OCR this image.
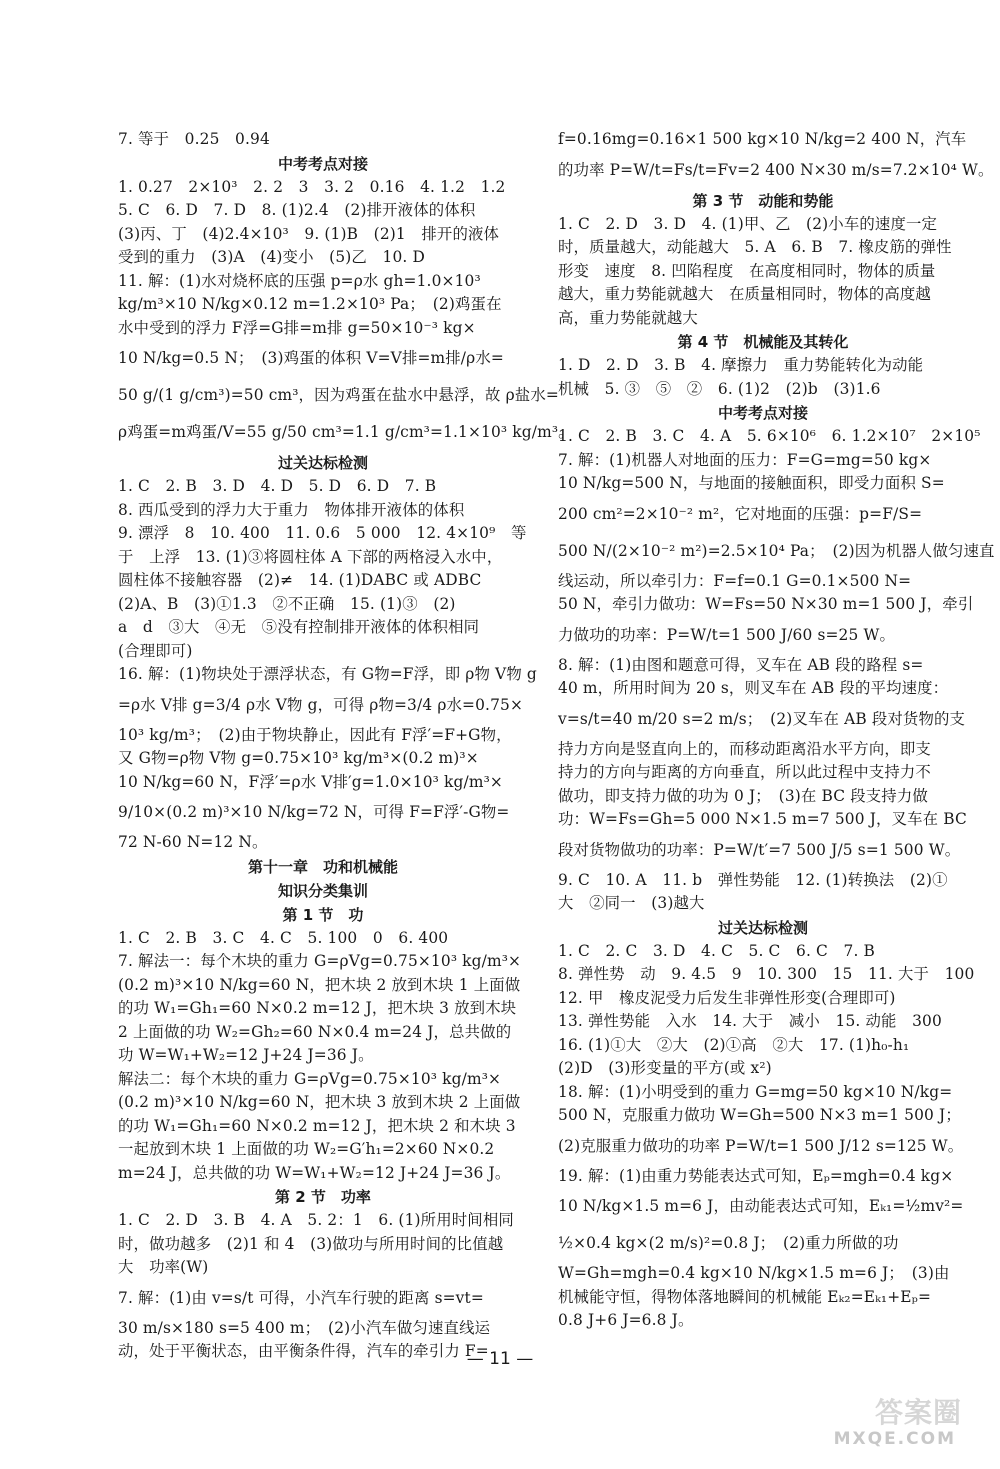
7. 等于　0.25　0.94
中考考点对接
1. 0.27　2×10³　2. 2　3　3. 2　0.16　4. 1.2　1.2
5. C　6. D　7. D　8. (1)2.4　(2)排开液体的体积
(3)丙、丁　(4)2.4×10³　9. (1)B　(2)1　排开的液体
受到的重力　(3)A　(4)变小　(5)乙　10. D
11. 解：(1)水对烧杯底的压强 p=ρ水 gh=1.0×10³
kg/m³×10 N/kg×0.12 m=1.2×10³ Pa；　(2)鸡蛋在
水中受到的浮力 F浮=G排=m排 g=50×10⁻³ kg×
10 N/kg=0.5 N；　(3)鸡蛋的体积 V=V排=m排/ρ水=
50 g/(1 g/cm³)=50 cm³，因为鸡蛋在盐水中悬浮，故 ρ盐水=
ρ鸡蛋=m鸡蛋/V=55 g/50 cm³=1.1 g/cm³=1.1×10³ kg/m³。
过关达标检测
1. C　2. B　3. D　4. D　5. D　6. D　7. B
8. 西瓜受到的浮力大于重力　物体排开液体的体积
9. 漂浮　8　10. 400　11. 0.6　5 000　12. 4×10⁹　等
于　上浮　13. (1)③将圆柱体 A 下部的两格浸入水中，
圆柱体不接触容器　(2)≠　14. (1)DABC 或 ADBC
(2)A、B　(3)①1.3　②不正确　15. (1)③　(2)
a　d　③大　④无　⑤没有控制排开液体的体积相同
(合理即可)
16. 解：(1)物块处于漂浮状态，有 G物=F浮，即 ρ物 V物 g
=ρ水 V排 g=3/4 ρ水 V物 g，可得 ρ物=3/4 ρ水=0.75×
10³ kg/m³；　(2)由于物块静止，因此有 F浮′=F+G物，
又 G物=ρ物 V物 g=0.75×10³ kg/m³×(0.2 m)³×
10 N/kg=60 N，F浮′=ρ水 V排′g=1.0×10³ kg/m³×
9/10×(0.2 m)³×10 N/kg=72 N，可得 F=F浮′-G物=
72 N-60 N=12 N。
第十一章　功和机械能
知识分类集训
第 1 节　功
1. C　2. B　3. C　4. C　5. 100　0　6. 400
7. 解法一：每个木块的重力 G=ρVg=0.75×10³ kg/m³×
(0.2 m)³×10 N/kg=60 N，把木块 2 放到木块 1 上面做
的功 W₁=Gh₁=60 N×0.2 m=12 J，把木块 3 放到木块
2 上面做的功 W₂=Gh₂=60 N×0.4 m=24 J，总共做的
功 W=W₁+W₂=12 J+24 J=36 J。
解法二：每个木块的重力 G=ρVg=0.75×10³ kg/m³×
(0.2 m)³×10 N/kg=60 N，把木块 3 放到木块 2 上面做
的功 W₁=Gh₁=60 N×0.2 m=12 J，把木块 2 和木块 3
一起放到木块 1 上面做的功 W₂=G′h₁=2×60 N×0.2
m=24 J，总共做的功 W=W₁+W₂=12 J+24 J=36 J。
第 2 节　功率
1. C　2. D　3. B　4. A　5. 2：1　6. (1)所用时间相同
时，做功越多　(2)1 和 4　(3)做功与所用时间的比值越
大　功率(W)
7. 解：(1)由 v=s/t 可得，小汽车行驶的距离 s=vt=
30 m/s×180 s=5 400 m；　(2)小汽车做匀速直线运
动，处于平衡状态，由平衡条件得，汽车的牵引力 F=
f=0.16mg=0.16×1 500 kg×10 N/kg=2 400 N，汽车
的功率 P=W/t=Fs/t=Fv=2 400 N×30 m/s=7.2×10⁴ W。
第 3 节　动能和势能
1. C　2. D　3. D　4. (1)甲、乙　(2)小车的速度一定
时，质量越大，动能越大　5. A　6. B　7. 橡皮筋的弹性
形变　速度　8. 凹陷程度　在高度相同时，物体的质量
越大，重力势能就越大　在质量相同时，物体的高度越
高，重力势能就越大
第 4 节　机械能及其转化
1. D　2. D　3. B　4. 摩擦力　重力势能转化为动能
机械　5. ③　⑤　②　6. (1)2　(2)b　(3)1.6
中考考点对接
1. C　2. B　3. C　4. A　5. 6×10⁶　6. 1.2×10⁷　2×10⁵
7. 解：(1)机器人对地面的压力：F=G=mg=50 kg×
10 N/kg=500 N，与地面的接触面积，即受力面积 S=
200 cm²=2×10⁻² m²，它对地面的压强：p=F/S=
500 N/(2×10⁻² m²)=2.5×10⁴ Pa；　(2)因为机器人做匀速直
线运动，所以牵引力：F=f=0.1 G=0.1×500 N=
50 N，牵引力做功：W=Fs=50 N×30 m=1 500 J，牵引
力做功的功率：P=W/t=1 500 J/60 s=25 W。
8. 解：(1)由图和题意可得，叉车在 AB 段的路程 s=
40 m，所用时间为 20 s，则叉车在 AB 段的平均速度：
v=s/t=40 m/20 s=2 m/s；　(2)叉车在 AB 段对货物的支
持力方向是竖直向上的，而移动距离沿水平方向，即支
持力的方向与距离的方向垂直，所以此过程中支持力不
做功，即支持力做的功为 0 J；　(3)在 BC 段支持力做
功：W=Fs=Gh=5 000 N×1.5 m=7 500 J，叉车在 BC
段对货物做功的功率：P=W/t′=7 500 J/5 s=1 500 W。
9. C　10. A　11. b　弹性势能　12. (1)转换法　(2)①
大　②同一　(3)越大
过关达标检测
1. C　2. C　3. D　4. C　5. C　6. C　7. B
8. 弹性势　动　9. 4.5　9　10. 300　15　11. 大于　100
12. 甲　橡皮泥受力后发生非弹性形变(合理即可)
13. 弹性势能　入水　14. 大于　减小　15. 动能　300
16. (1)①大　②大　(2)①高　②大　17. (1)h₀-h₁
(2)D　(3)形变量的平方(或 x²)
18. 解：(1)小明受到的重力 G=mg=50 kg×10 N/kg=
500 N，克服重力做功 W=Gh=500 N×3 m=1 500 J；
(2)克服重力做功的功率 P=W/t=1 500 J/12 s=125 W。
19. 解：(1)由重力势能表达式可知，Eₚ=mgh=0.4 kg×
10 N/kg×1.5 m=6 J，由动能表达式可知，Eₖ₁=½mv²=
½×0.4 kg×(2 m/s)²=0.8 J；　(2)重力所做的功
W=Gh=mgh=0.4 kg×10 N/kg×1.5 m=6 J；　(3)由
机械能守恒，得物体落地瞬间的机械能 Eₖ₂=Eₖ₁+Eₚ=
0.8 J+6 J=6.8 J。
— 11 —
答案圈
MXQE.COM
